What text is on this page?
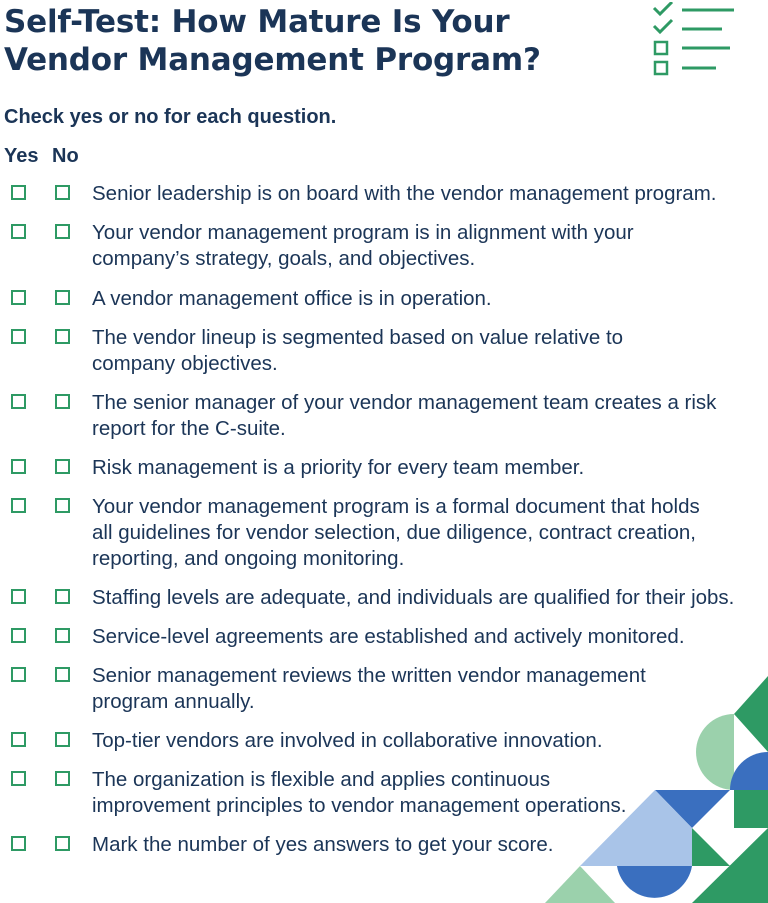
Self-Test: How Mature Is Your
Vendor Management Program?

Check yes or no for each question.

Yes No

Senior leadership is on board with the vendor management program.

Your vendor management program is in alignment with your
company’s strategy, goals, and objectives.

A vendor management office is in operation.

The vendor lineup is segmented based on value relative to
company objectives.

The senior manager of your vendor management team creates a risk
report for the C-suite.

Risk management is a priority for every team member.

Your vendor management program is a formal document that holds
all guidelines for vendor selection, due diligence, contract creation,
reporting, and ongoing monitoring.

Staffing levels are adequate, and individuals are qualified for their jobs.

Service-level agreements are established and actively monitored.

Senior management reviews the written vendor management
program annually.

Top-tier vendors are involved in collaborative innovation.

The organization is flexible and applies continuous
improvement principles to vendor management operations.

Mark the number of yes answers to get your score.
